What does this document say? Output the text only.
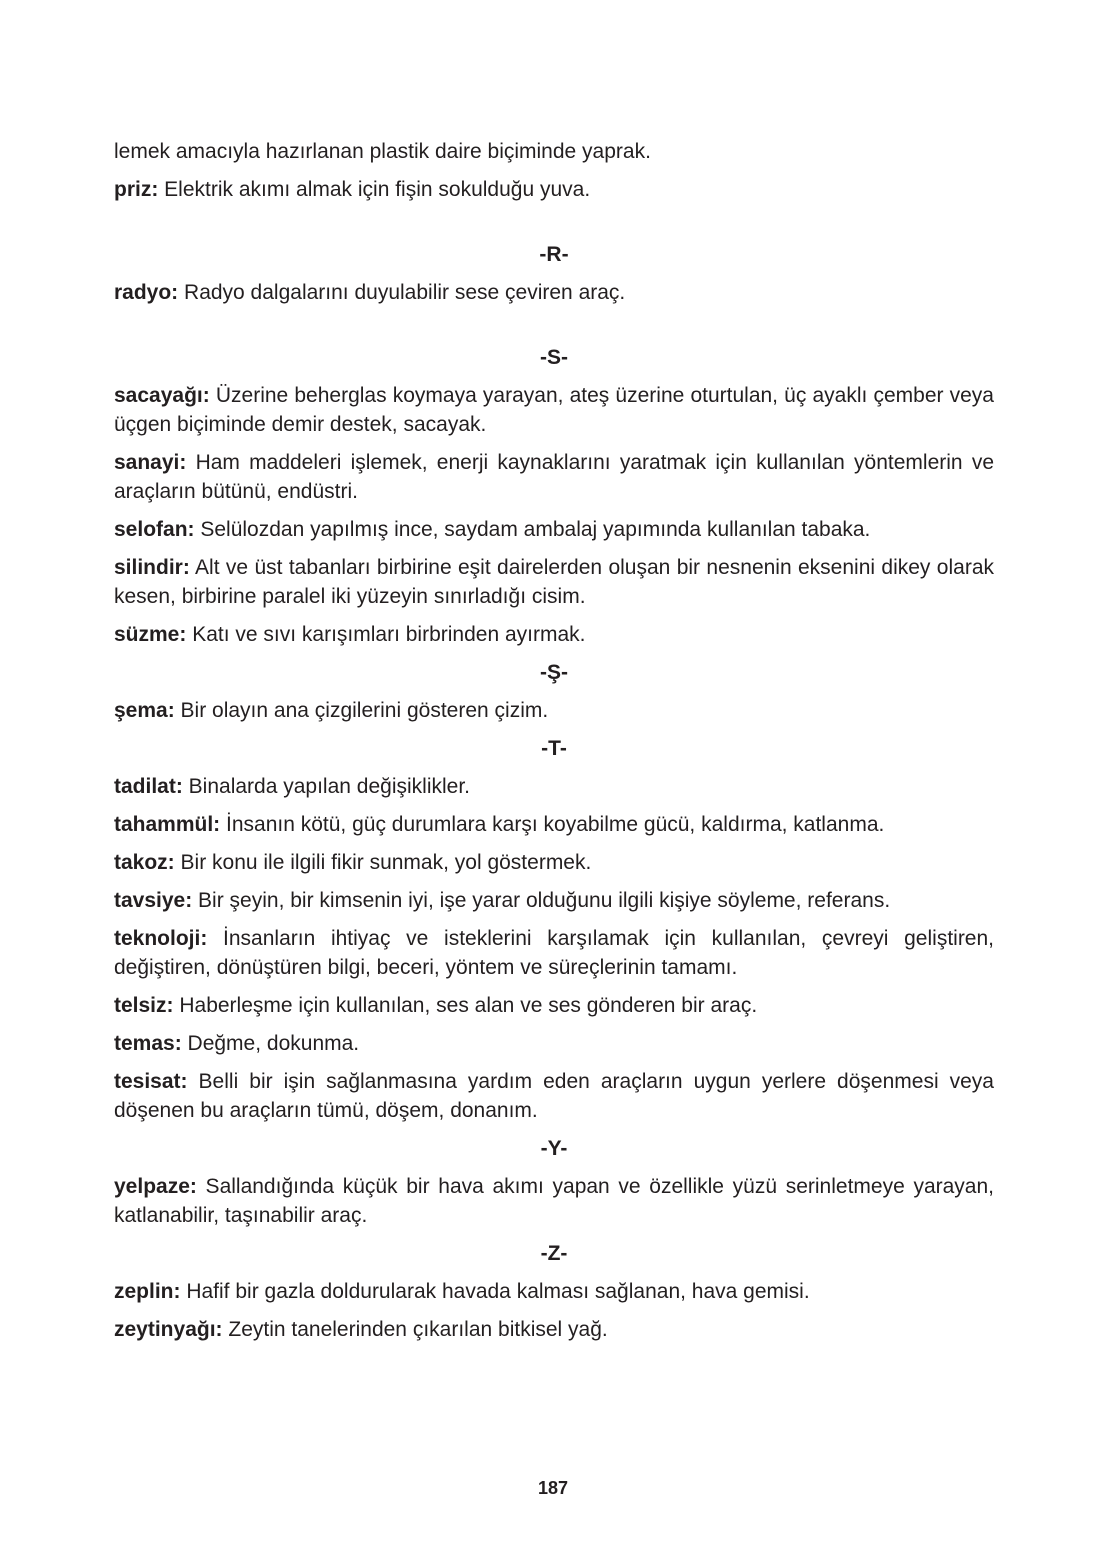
lemek amacıyla hazırlanan plastik daire biçiminde yaprak.

priz: Elektrik akımı almak için fişin sokulduğu yuva.

-R-

radyo: Radyo dalgalarını duyulabilir sese çeviren araç.

-S-

sacayağı: Üzerine beherglas koymaya yarayan, ateş üzerine oturtulan, üç ayaklı çember veya üçgen biçiminde demir destek, sacayak.

sanayi: Ham maddeleri işlemek, enerji kaynaklarını yaratmak için kullanılan yöntemlerin ve araçların bütünü, endüstri.

selofan: Selülozdan yapılmış ince, saydam ambalaj yapımında kullanılan tabaka.

silindir: Alt ve üst tabanları birbirine eşit dairelerden oluşan bir nesnenin eksenini dikey olarak kesen, birbirine paralel iki yüzeyin sınırladığı cisim.

süzme: Katı ve sıvı karışımları birbrinden ayırmak.

-Ş-

şema: Bir olayın ana çizgilerini gösteren çizim.

-T-

tadilat: Binalarda yapılan değişiklikler.

tahammül: İnsanın kötü, güç durumlara karşı koyabilme gücü, kaldırma, katlanma.

takoz: Bir konu ile ilgili fikir sunmak, yol göstermek.

tavsiye: Bir şeyin, bir kimsenin iyi, işe yarar olduğunu ilgili kişiye söyleme, referans.

teknoloji: İnsanların ihtiyaç ve isteklerini karşılamak için kullanılan, çevreyi geliştiren, değiştiren, dönüştüren bilgi, beceri, yöntem ve süreçlerinin tamamı.

telsiz: Haberleşme için kullanılan, ses alan ve ses gönderen bir araç.

temas: Değme, dokunma.

tesisat: Belli bir işin sağlanmasına yardım eden araçların uygun yerlere döşenmesi veya döşenen bu araçların tümü, döşem, donanım.

-Y-

yelpaze: Sallandığında küçük bir hava akımı yapan ve özellikle yüzü serinletmeye yarayan, katlanabilir, taşınabilir araç.

-Z-

zeplin: Hafif bir gazla doldurularak havada kalması sağlanan, hava gemisi.

zeytinyağı: Zeytin tanelerinden çıkarılan bitkisel yağ.

187
